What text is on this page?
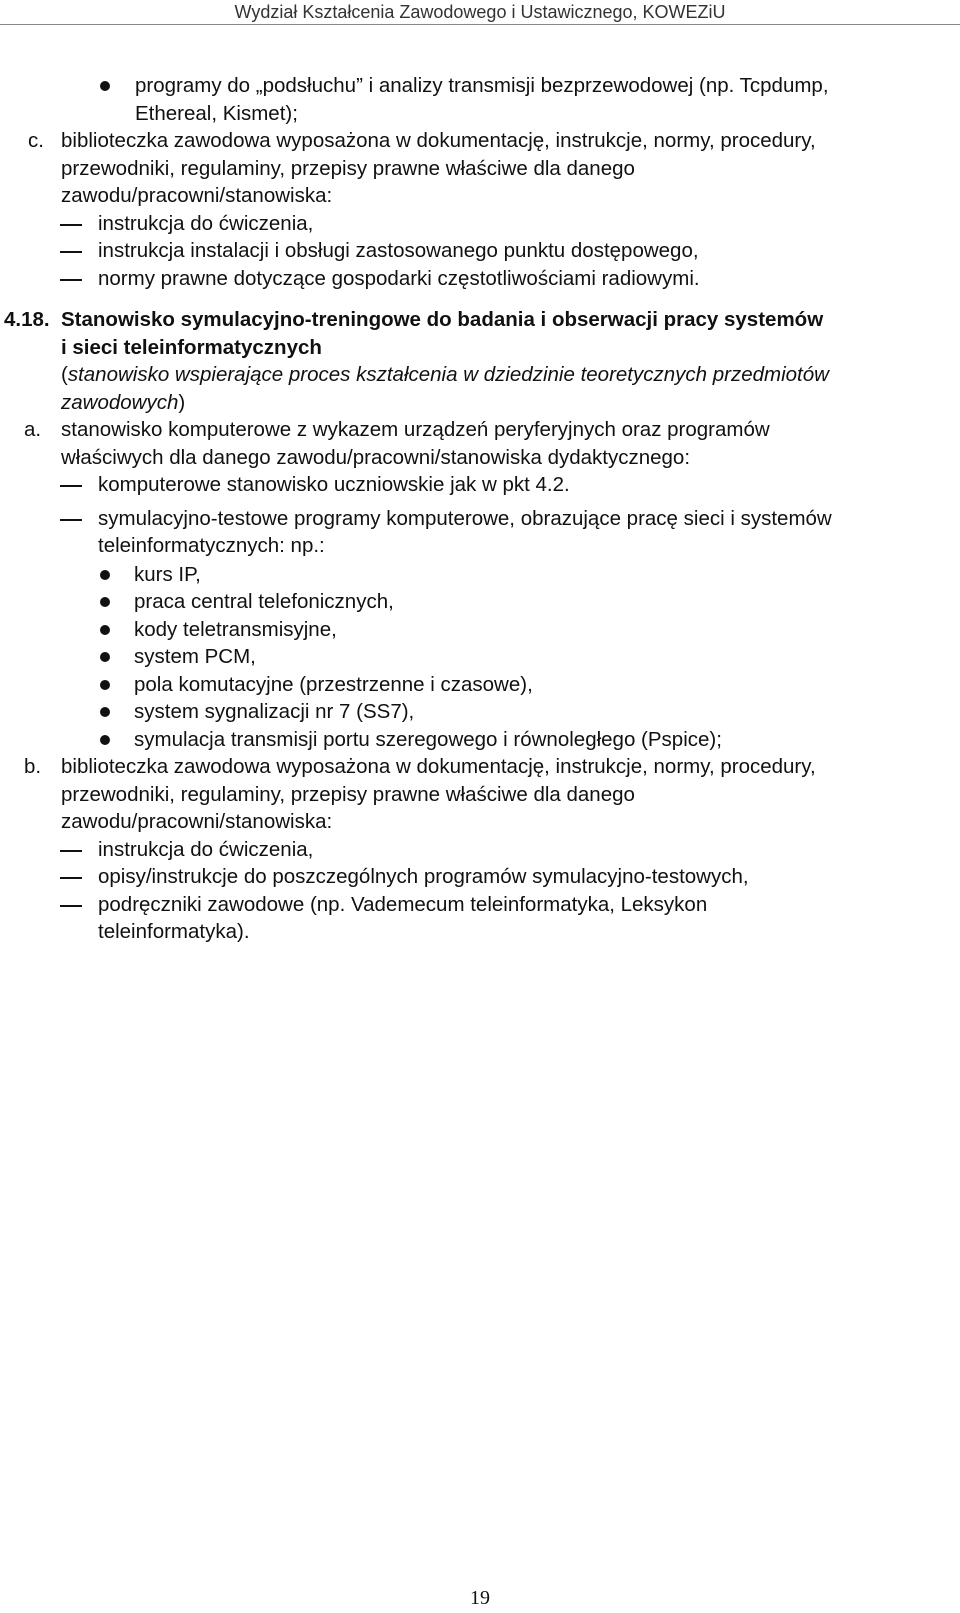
Wydział Kształcenia Zawodowego i Ustawicznego, KOWEZiU
programy do „podsłuchu” i analizy transmisji bezprzewodowej (np. Tcpdump,
Ethereal, Kismet);
c. biblioteczka zawodowa wyposażona w dokumentację, instrukcje, normy, procedury,
przewodniki, regulaminy, przepisy prawne właściwe dla danego
zawodu/pracowni/stanowiska:
instrukcja do ćwiczenia,
instrukcja instalacji i obsługi zastosowanego punktu dostępowego,
normy prawne dotyczące gospodarki częstotliwościami radiowymi.
4.18. Stanowisko symulacyjno-treningowe do badania i obserwacji pracy systemów
i sieci teleinformatycznych
(stanowisko wspierające proces kształcenia w dziedzinie teoretycznych przedmiotów
zawodowych)
a. stanowisko komputerowe z wykazem urządzeń peryferyjnych oraz programów
właściwych dla danego zawodu/pracowni/stanowiska dydaktycznego:
komputerowe stanowisko uczniowskie jak w pkt 4.2.
symulacyjno-testowe programy komputerowe, obrazujące pracę sieci i systemów
teleinformatycznych: np.:
kurs IP,
praca central telefonicznych,
kody teletransmisyjne,
system PCM,
pola komutacyjne (przestrzenne i czasowe),
system sygnalizacji nr 7 (SS7),
symulacja transmisji portu szeregowego i równoległego (Pspice);
b. biblioteczka zawodowa wyposażona w dokumentację, instrukcje, normy, procedury,
przewodniki, regulaminy, przepisy prawne właściwe dla danego
zawodu/pracowni/stanowiska:
instrukcja do ćwiczenia,
opisy/instrukcje do poszczególnych programów symulacyjno-testowych,
podręczniki zawodowe (np. Vademecum teleinformatyka, Leksykon
teleinformatyka).
19
